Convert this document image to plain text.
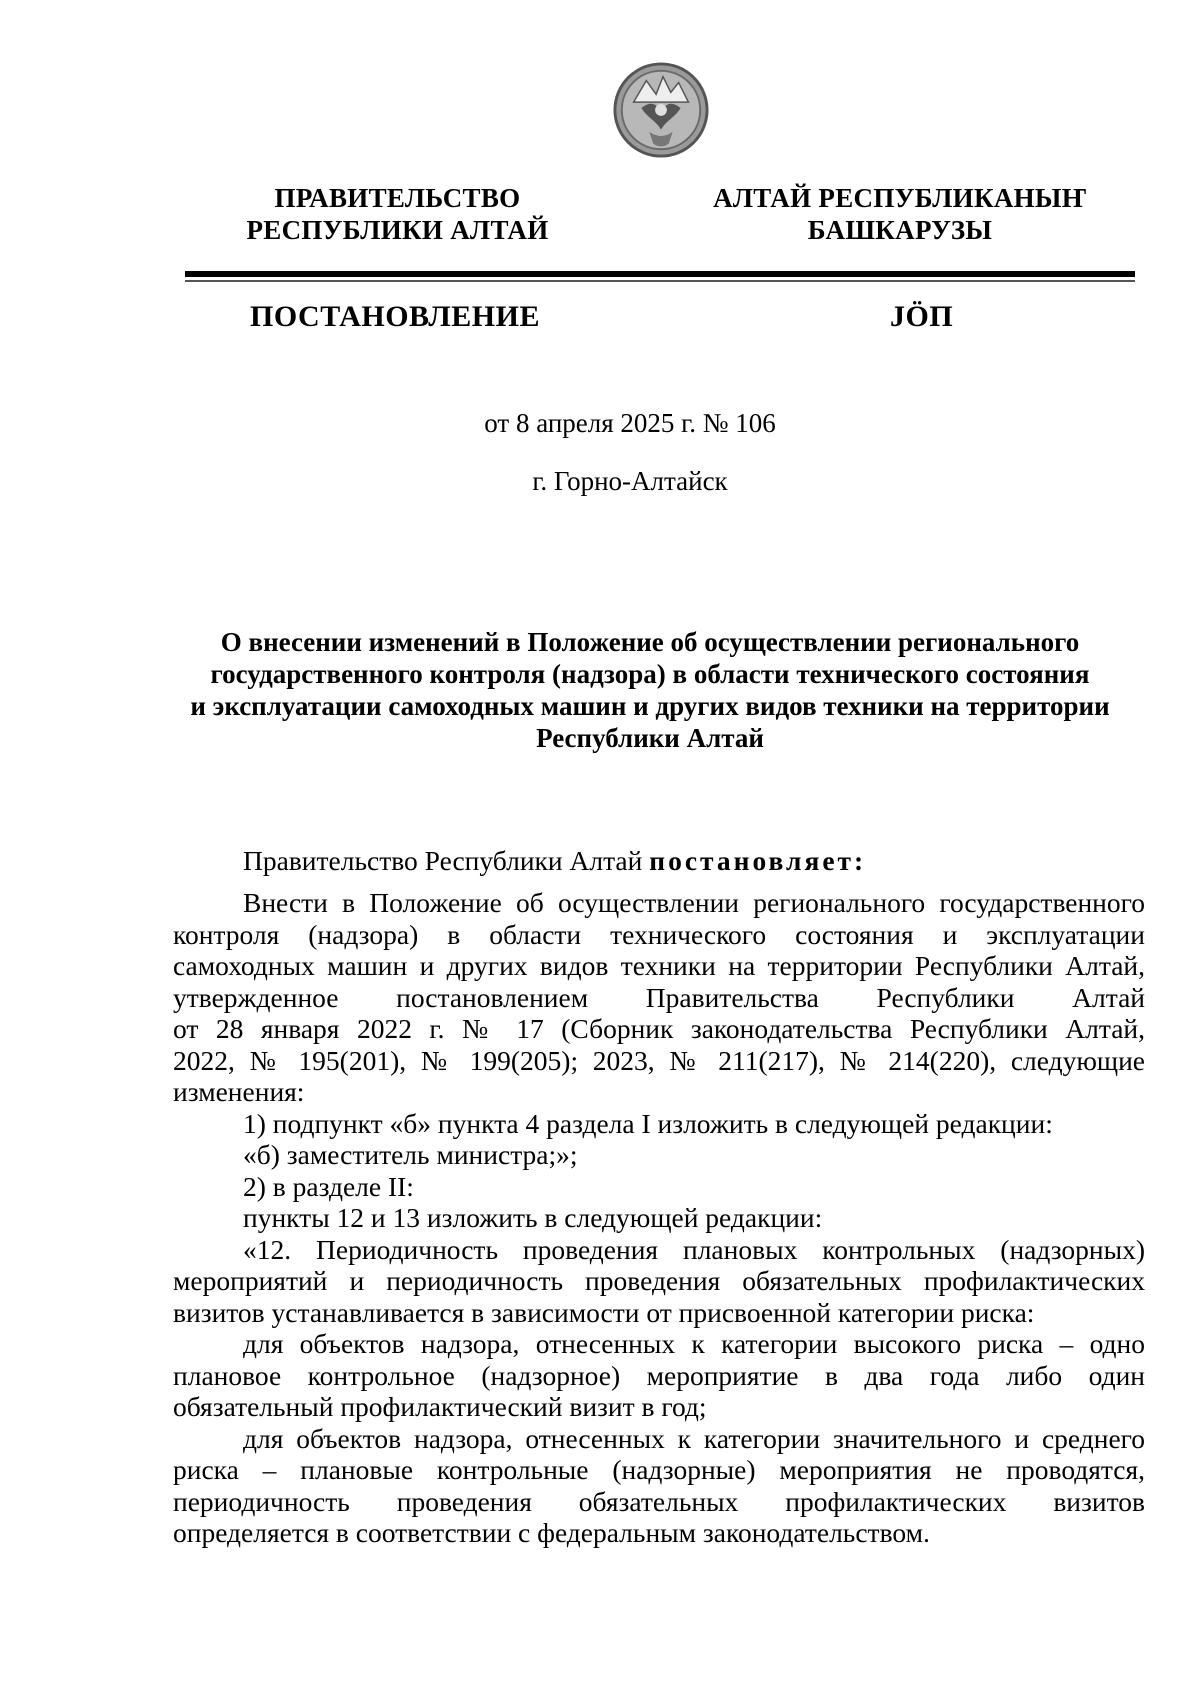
ПРАВИТЕЛЬСТВО
РЕСПУБЛИКИ АЛТАЙ
АЛТАЙ РЕСПУБЛИКАНЫҤ
БАШКАРУЗЫ
ПОСТАНОВЛЕНИЕ	JӦП
от 8 апреля 2025 г. № 106
г. Горно-Алтайск
О внесении изменений в Положение об осуществлении регионального
государственного контроля (надзора) в области технического состояния
и эксплуатации самоходных машин и других видов техники на территории
Республики Алтай

Правительство Республики Алтай постановляет:

Внести в Положение об осуществлении регионального государственного
контроля (надзора) в области технического состояния и эксплуатации
самоходных машин и других видов техники на территории Республики Алтай,
утвержденное постановлением Правительства Республики Алтай
от 28 января 2022 г. № 17 (Сборник законодательства Республики Алтай,
2022, № 195(201), № 199(205); 2023, № 211(217), № 214(220), следующие
изменения:
1) подпункт «б» пункта 4 раздела I изложить в следующей редакции:
«б) заместитель министра;»;
2) в разделе II:
пункты 12 и 13 изложить в следующей редакции:
«12. Периодичность проведения плановых контрольных (надзорных)
мероприятий и периодичность проведения обязательных профилактических
визитов устанавливается в зависимости от присвоенной категории риска:
для объектов надзора, отнесенных к категории высокого риска – одно
плановое контрольное (надзорное) мероприятие в два года либо один
обязательный профилактический визит в год;
для объектов надзора, отнесенных к категории значительного и среднего
риска – плановые контрольные (надзорные) мероприятия не проводятся,
периодичность проведения обязательных профилактических визитов
определяется в соответствии с федеральным законодательством.
